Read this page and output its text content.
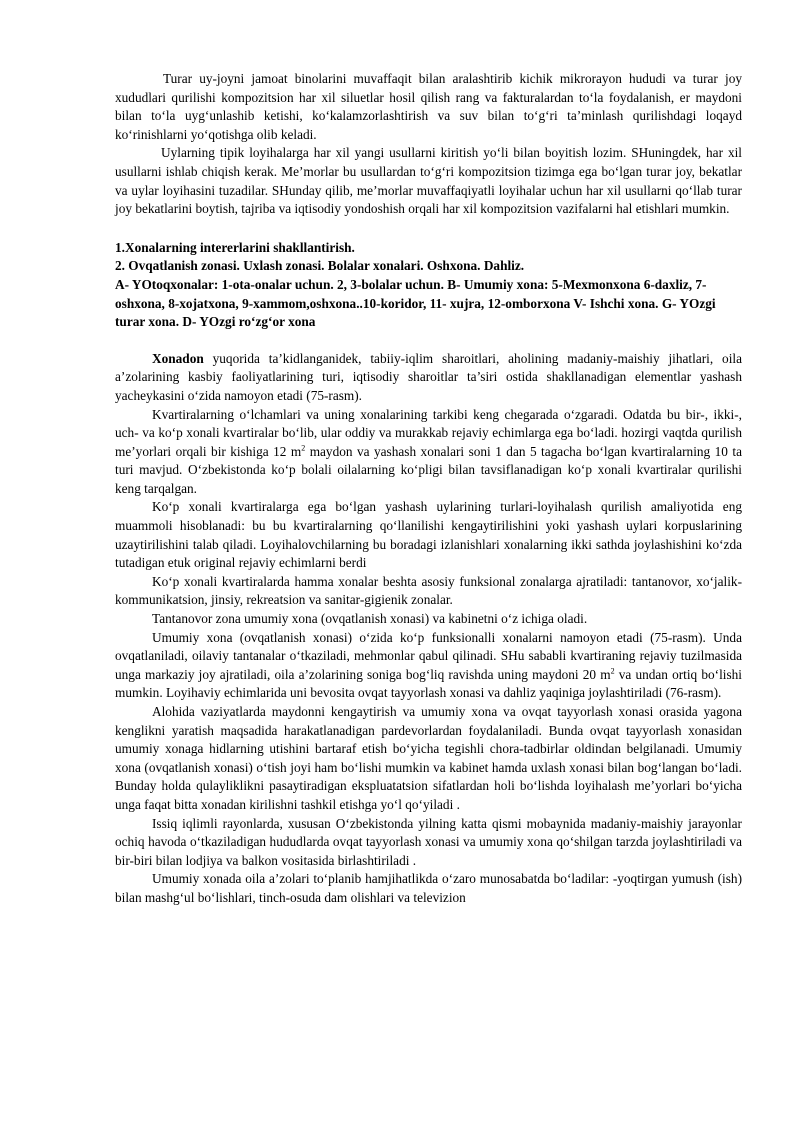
Turar uy-joyni jamoat binolarini muvaffaqit bilan aralashtirib kichik mikrorayon hududi va turar joy xududlari qurilishi kompozitsion har xil siluetlar hosil qilish rang va fakturalardan to‘la foydalanish, er maydoni bilan to‘la uyg‘unlashib ketishi, ko‘kalamzorlashtirish va suv bilan to‘g‘ri ta’minlash qurilishdagi loqayd ko‘rinishlarni yo‘qotishga olib keladi.

Uylarning tipik loyihalarga har xil yangi usullarni kiritish yo‘li bilan boyitish lozim. SHuningdek, har xil usullarni ishlab chiqish kerak. Me’morlar bu usullardan to‘g‘ri kompozitsion tizimga ega bo‘lgan turar joy, bekatlar va uylar loyihasini tuzadilar. SHunday qilib, me’morlar muvaffaqiyatli loyihalar uchun har xil usullarni qo‘llab turar joy bekatlarini boytish, tajriba va iqtisodiy yondoshish orqali har xil kompozitsion vazifalarni hal etishlari mumkin.

1.Xonalarning intererlarini shakllantirish.

2. Ovqatlanish zonasi. Uxlash zonasi. Bolalar xonalari. Oshxona. Dahliz.

A- YOtoqxonalar: 1-ota-onalar uchun. 2, 3-bolalar uchun. B- Umumiy xona: 5-Mexmonxona 6-daxliz, 7-oshxona, 8-xojatxona, 9-xammom,oshxona..10-koridor, 11- xujra, 12-omborxona V- Ishchi xona. G- YOzgi turar xona. D- YOzgi ro‘zg‘or xona

Xonadon yuqorida ta’kidlanganidek, tabiiy-iqlim sharoitlari, aholining madaniy-maishiy jihatlari, oila a’zolarining kasbiy faoliyatlarining turi, iqtisodiy sharoitlar ta’siri ostida shakllanadigan elementlar yashash yacheykasini o‘zida namoyon etadi (75-rasm).

Kvartiralarning o‘lchamlari va uning xonalarining tarkibi keng chegarada o‘zgaradi. Odatda bu bir-, ikki-, uch- va ko‘p xonali kvartiralar bo‘lib, ular oddiy va murakkab rejaviy echimlarga ega bo‘ladi. hozirgi vaqtda qurilish me’yorlari orqali bir kishiga 12 $m^2$ maydon va yashash xonalari soni 1 dan 5 tagacha bo‘lgan kvartiralarning 10 ta turi mavjud. O‘zbekistonda ko‘p bolali oilalarning ko‘pligi bilan tavsiflanadigan ko‘p xonali kvartiralar qurilishi keng tarqalgan.

Ko‘p xonali kvartiralarga ega bo‘lgan yashash uylarining turlari-loyihalash qurilish amaliyotida eng muammoli hisoblanadi: bu bu kvartiralarning qo‘llanilishi kengaytirilishini yoki yashash uylari korpuslarining uzaytirilishini talab qiladi. Loyihalovchilarning bu boradagi izlanishlari xonalarning ikki sathda joylashishini ko‘zda tutadigan etuk original rejaviy echimlarni berdi

Ko‘p xonali kvartiralarda hamma xonalar beshta asosiy funksional zonalarga ajratiladi: tantanovor, xo‘jalik-kommunikatsion, jinsiy, rekreatsion va sanitar-gigienik zonalar.

Tantanovor zona umumiy xona (ovqatlanish xonasi) va kabinetni o‘z ichiga oladi.

Umumiy xona (ovqatlanish xonasi) o‘zida ko‘p funksionalli xonalarni namoyon etadi (75-rasm). Unda ovqatlaniladi, oilaviy tantanalar o‘tkaziladi, mehmonlar qabul qilinadi. SHu sababli kvartiraning rejaviy tuzilmasida unga markaziy joy ajratiladi, oila a’zolarining soniga bog‘liq ravishda uning maydoni 20 $m^2$ va undan ortiq bo‘lishi mumkin. Loyihaviy echimlarida uni bevosita ovqat tayyorlash xonasi va dahliz yaqiniga joylashtiriladi (76-rasm).

Alohida vaziyatlarda maydonni kengaytirish va umumiy xona va ovqat tayyorlash xonasi orasida yagona kenglikni yaratish maqsadida harakatlanadigan pardevorlardan foydalaniladi. Bunda ovqat tayyorlash xonasidan umumiy xonaga hidlarning utishini bartaraf etish bo‘yicha tegishli chora-tadbirlar oldindan belgilanadi. Umumiy xona (ovqatlanish xonasi) o‘tish joyi ham bo‘lishi mumkin va kabinet hamda uxlash xonasi bilan bog‘langan bo‘ladi. Bunday holda qulayliklikni pasaytiradigan ekspluatatsion sifatlardan holi bo‘lishda loyihalash me’yorlari bo‘yicha unga faqat bitta xonadan kirilishni tashkil etishga yo‘l qo‘yiladi .

Issiq iqlimli rayonlarda, xususan O‘zbekistonda yilning katta qismi mobaynida madaniy-maishiy jarayonlar ochiq havoda o‘tkaziladigan hududlarda ovqat tayyorlash xonasi va umumiy xona qo‘shilgan tarzda joylashtiriladi va bir-biri bilan lodjiya va balkon vositasida birlashtiriladi .

Umumiy xonada oila a’zolari to‘planib hamjihatlikda o‘zaro munosabatda bo‘ladilar: -yoqtirgan yumush (ish) bilan mashg‘ul bo‘lishlari, tinch-osuda dam olishlari va televizion
